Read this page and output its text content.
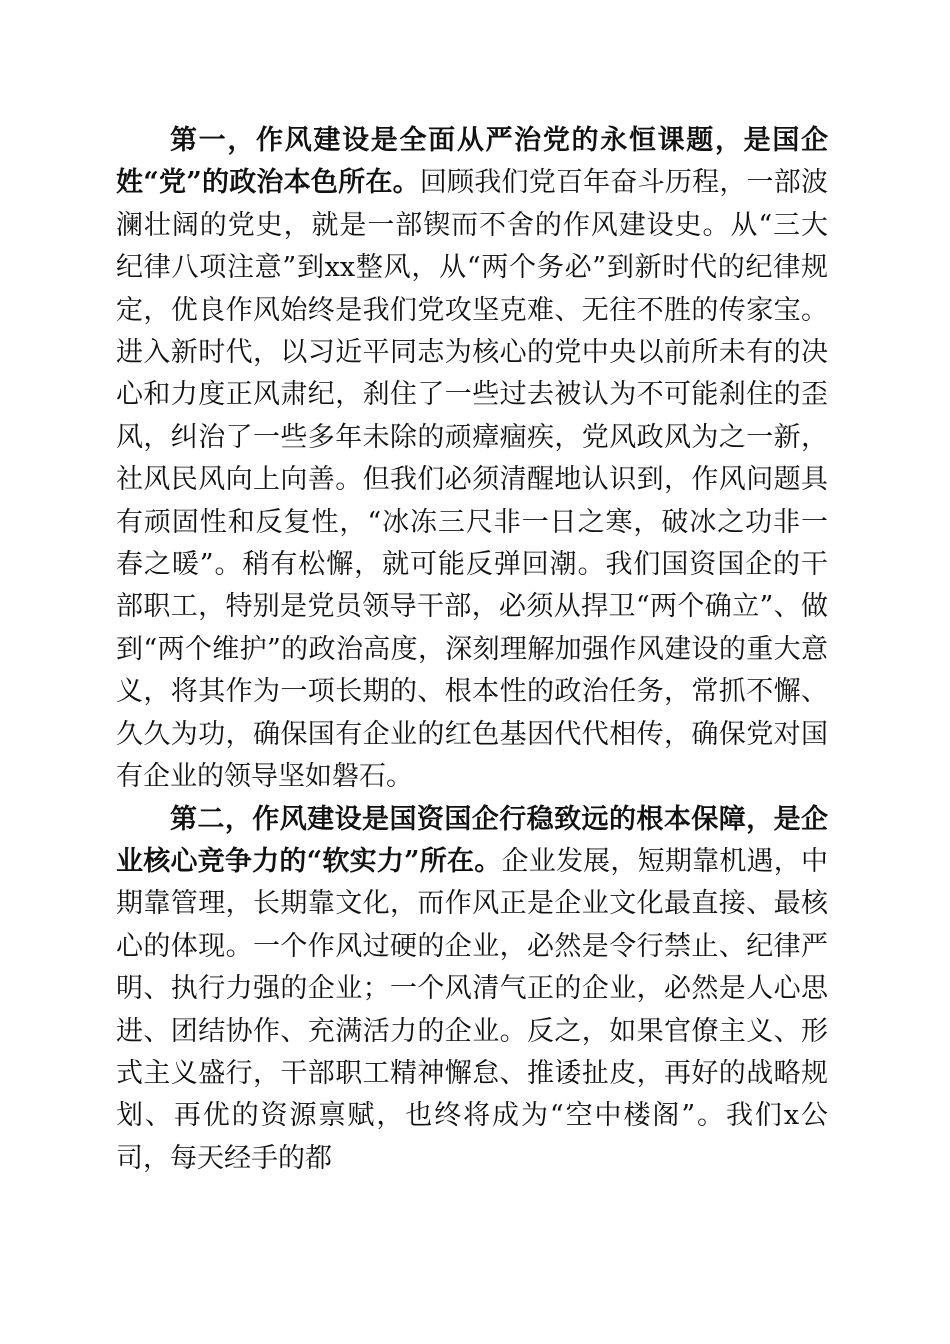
第一，作风建设是全面从严治党的永恒课题，是国企姓“党”的政治本色所在。回顾我们党百年奋斗历程，一部波澜壮阔的党史，就是一部锲而不舍的作风建设史。从“三大纪律八项注意”到xx整风，从“两个务必”到新时代的纪律规定，优良作风始终是我们党攻坚克难、无往不胜的传家宝。进入新时代，以习近平同志为核心的党中央以前所未有的决心和力度正风肃纪，刹住了一些过去被认为不可能刹住的歪风，纠治了一些多年未除的顽瘴痼疾，党风政风为之一新，社风民风向上向善。但我们必须清醒地认识到，作风问题具有顽固性和反复性，“冰冻三尺非一日之寒，破冰之功非一春之暖”。稍有松懈，就可能反弹回潮。我们国资国企的干部职工，特别是党员领导干部，必须从捍卫“两个确立”、做到“两个维护”的政治高度，深刻理解加强作风建设的重大意义，将其作为一项长期的、根本性的政治任务，常抓不懈、久久为功，确保国有企业的红色基因代代相传，确保党对国有企业的领导坚如磐石。

第二，作风建设是国资国企行稳致远的根本保障，是企业核心竞争力的“软实力”所在。企业发展，短期靠机遇，中期靠管理，长期靠文化，而作风正是企业文化最直接、最核心的体现。一个作风过硬的企业，必然是令行禁止、纪律严明、执行力强的企业；一个风清气正的企业，必然是人心思进、团结协作、充满活力的企业。反之，如果官僚主义、形式主义盛行，干部职工精神懈怠、推诿扯皮，再好的战略规划、再优的资源禀赋，也终将成为“空中楼阁”。我们x公司，每天经手的都
